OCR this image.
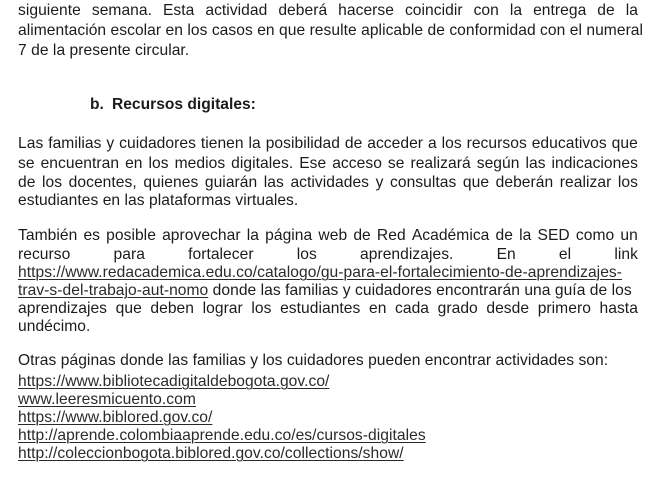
siguiente semana. Esta actividad deberá hacerse coincidir con la entrega de la
alimentación escolar en los casos en que resulte aplicable de conformidad con el numeral
7 de la presente circular.
b. Recursos digitales:
Las familias y cuidadores tienen la posibilidad de acceder a los recursos educativos que
se encuentran en los medios digitales. Ese acceso se realizará según las indicaciones
de los docentes, quienes guiarán las actividades y consultas que deberán realizar los
estudiantes en las plataformas virtuales.
También es posible aprovechar la página web de Red Académica de la SED como un
recurso	para	fortalecer	los	aprendizajes.	En	el	link
https://www.redacademica.edu.co/catalogo/gu-para-el-fortalecimiento-de-aprendizajes-
trav-s-del-trabajo-aut-nomo donde las familias y cuidadores encontrarán una guía de los
aprendizajes que deben lograr los estudiantes en cada grado desde primero hasta
undécimo.
Otras páginas donde las familias y los cuidadores pueden encontrar actividades son:
https://www.bibliotecadigitaldebogota.gov.co/
www.leeresmicuento.com
https://www.biblored.gov.co/
http://aprende.colombiaaprende.edu.co/es/cursos-digitales
http://coleccionbogota.biblored.gov.co/collections/show/
